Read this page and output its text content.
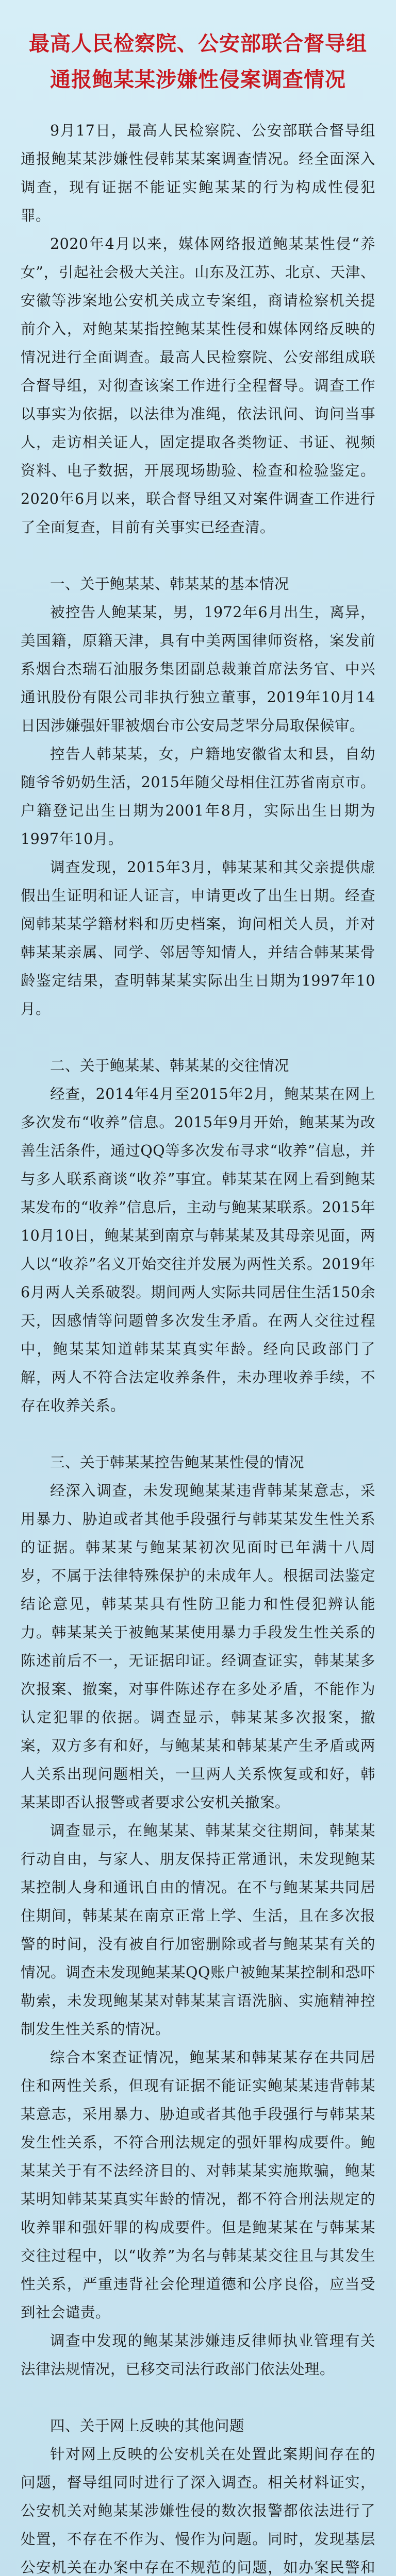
最高人民检察院、公安部联合督导组
通报鲍某某涉嫌性侵案调查情况

9月17日，最高人民检察院、公安部联合督导组通报鲍某某涉嫌性侵韩某某案调查情况。经全面深入调查，现有证据不能证实鲍某某的行为构成性侵犯罪。

2020年4月以来，媒体网络报道鲍某某性侵“养女”，引起社会极大关注。山东及江苏、北京、天津、安徽等涉案地公安机关成立专案组，商请检察机关提前介入，对鲍某某指控鲍某某性侵和媒体网络反映的情况进行全面调查。最高人民检察院、公安部组成联合督导组，对彻查该案工作进行全程督导。调查工作以事实为依据，以法律为准绳，依法讯问、询问当事人，走访相关证人，固定提取各类物证、书证、视频资料、电子数据，开展现场勘验、检查和检验鉴定。2020年6月以来，联合督导组又对案件调查工作进行了全面复查，目前有关事实已经查清。

一、关于鲍某某、韩某某的基本情况

被控告人鲍某某，男，1972年6月出生，离异，美国籍，原籍天津，具有中美两国律师资格，案发前系烟台杰瑞石油服务集团副总裁兼首席法务官、中兴通讯股份有限公司非执行独立董事，2019年10月14日因涉嫌强奸罪被烟台市公安局芝罘分局取保候审。

控告人韩某某，女，户籍地安徽省太和县，自幼随爷爷奶奶生活，2015年随父母相住江苏省南京市。户籍登记出生日期为2001年8月，实际出生日期为1997年10月。

调查发现，2015年3月，韩某某和其父亲提供虚假出生证明和证人证言，申请更改了出生日期。经查阅韩某某学籍材料和历史档案，询问相关人员，并对韩某某亲属、同学、邻居等知情人，并结合韩某某骨龄鉴定结果，查明韩某某实际出生日期为1997年10月。

二、关于鲍某某、韩某某的交往情况

经查，2014年4月至2015年2月，鲍某某在网上多次发布“收养”信息。2015年9月开始，鲍某某为改善生活条件，通过QQ等多次发布寻求“收养”信息，并与多人联系商谈“收养”事宜。韩某某在网上看到鲍某某发布的“收养”信息后，主动与鲍某某联系。2015年10月10日，鲍某某到南京与韩某某及其母亲见面，两人以“收养”名义开始交往并发展为两性关系。2019年6月两人关系破裂。期间两人实际共同居住生活150余天，因感情等问题曾多次发生矛盾。在两人交往过程中，鲍某某知道韩某某真实年龄。经向民政部门了解，两人不符合法定收养条件，未办理收养手续，不存在收养关系。

三、关于韩某某控告鲍某某性侵的情况

经深入调查，未发现鲍某某违背韩某某意志，采用暴力、胁迫或者其他手段强行与韩某某发生性关系的证据。韩某某与鲍某某初次见面时已年满十八周岁，不属于法律特殊保护的未成年人。根据司法鉴定结论意见，韩某某具有性防卫能力和性侵犯辨认能力。韩某某关于被鲍某某使用暴力手段发生性关系的陈述前后不一，无证据印证。经调查证实，韩某某多次报案、撤案，对事件陈述存在多处矛盾，不能作为认定犯罪的依据。调查显示，韩某某多次报案，撤案，双方多有和好，与鲍某某和韩某某产生矛盾或两人关系出现问题相关，一旦两人关系恢复或和好，韩某某即否认报警或者要求公安机关撤案。

调查显示，在鲍某某、韩某某交往期间，韩某某行动自由，与家人、朋友保持正常通讯，未发现鲍某某控制人身和通讯自由的情况。在不与鲍某某共同居住期间，韩某某在南京正常上学、生活，且在多次报警的时间，没有被自行加密删除或者与鲍某某有关的情况。调查未发现鲍某某QQ账户被鲍某某控制和恐吓勒索，未发现鲍某某对韩某某言语洗脑、实施精神控制发生性关系的情况。

综合本案查证情况，鲍某某和韩某某存在共同居住和两性关系，但现有证据不能证实鲍某某违背韩某某意志，采用暴力、胁迫或者其他手段强行与韩某某发生性关系，不符合刑法规定的强奸罪构成要件。鲍某某关于有不法经济目的、对韩某某实施欺骗，鲍某某明知韩某某真实年龄的情况，都不符合刑法规定的收养罪和强奸罪的构成要件。但是鲍某某在与韩某某交往过程中，以“收养”为名与韩某某交往且与其发生性关系，严重违背社会伦理道德和公序良俗，应当受到社会谴责。

调查中发现的鲍某某涉嫌违反律师执业管理有关法律法规情况，已移交司法行政部门依法处理。

四、关于网上反映的其他问题

针对网上反映的公安机关在处置此案期间存在的问题，督导组同时进行了深入调查。相关材料证实，公安机关对鲍某某涉嫌性侵的数次报警都依法进行了处置，不存在不作为、慢作为问题。同时，发现基层公安机关在办案中存在不规范的问题，如办案民警和
